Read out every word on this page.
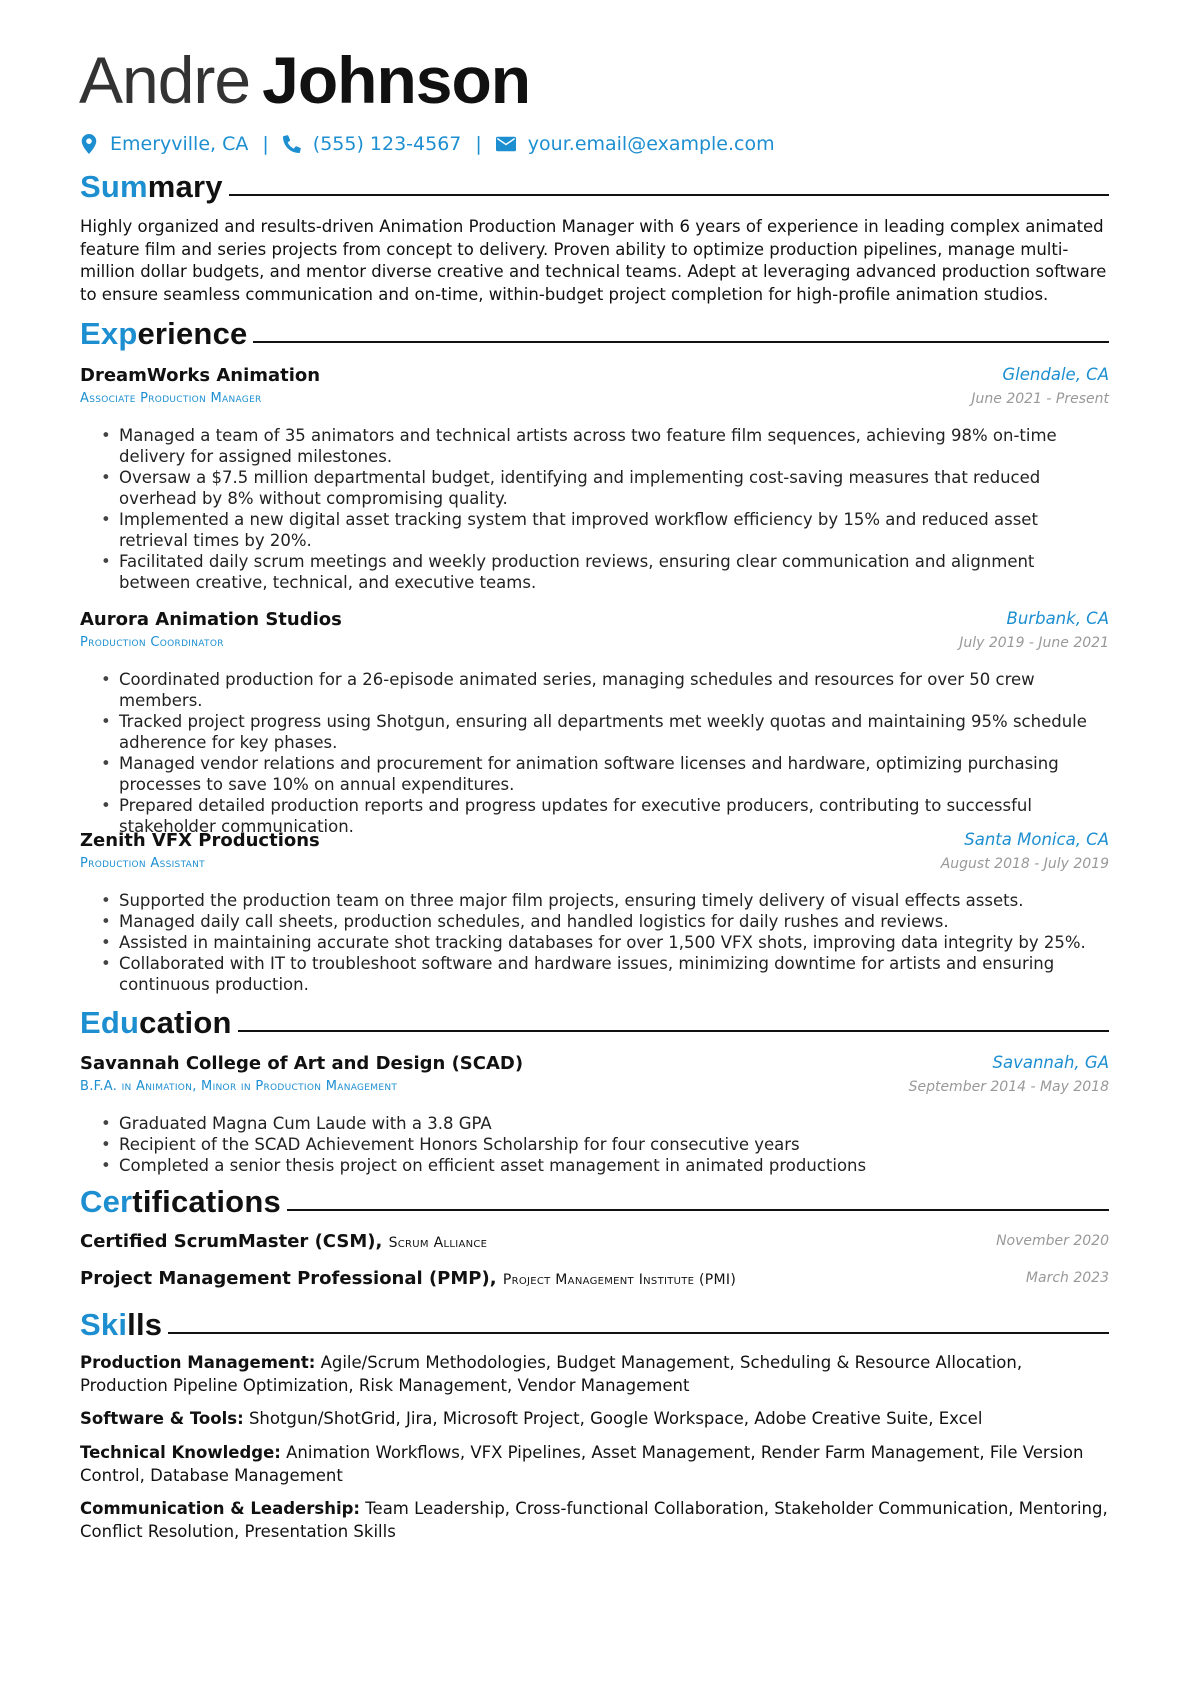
Andre Johnson
Emeryville, CA | (555) 123-4567 | your.email@example.com
Summary
Highly organized and results-driven Animation Production Manager with 6 years of experience in leading complex animated feature film and series projects from concept to delivery. Proven ability to optimize production pipelines, manage multi-million dollar budgets, and mentor diverse creative and technical teams. Adept at leveraging advanced production software to ensure seamless communication and on-time, within-budget project completion for high-profile animation studios.
Experience
DreamWorks Animation
Associate Production Manager
Glendale, CA
June 2021 - Present
• Managed a team of 35 animators and technical artists across two feature film sequences, achieving 98% on-time delivery for assigned milestones.
• Oversaw a $7.5 million departmental budget, identifying and implementing cost-saving measures that reduced overhead by 8% without compromising quality.
• Implemented a new digital asset tracking system that improved workflow efficiency by 15% and reduced asset retrieval times by 20%.
• Facilitated daily scrum meetings and weekly production reviews, ensuring clear communication and alignment between creative, technical, and executive teams.
Aurora Animation Studios
Production Coordinator
Burbank, CA
July 2019 - June 2021
• Coordinated production for a 26-episode animated series, managing schedules and resources for over 50 crew members.
• Tracked project progress using Shotgun, ensuring all departments met weekly quotas and maintaining 95% schedule adherence for key phases.
• Managed vendor relations and procurement for animation software licenses and hardware, optimizing purchasing processes to save 10% on annual expenditures.
• Prepared detailed production reports and progress updates for executive producers, contributing to successful stakeholder communication.
Zenith VFX Productions
Production Assistant
Santa Monica, CA
August 2018 - July 2019
• Supported the production team on three major film projects, ensuring timely delivery of visual effects assets.
• Managed daily call sheets, production schedules, and handled logistics for daily rushes and reviews.
• Assisted in maintaining accurate shot tracking databases for over 1,500 VFX shots, improving data integrity by 25%.
• Collaborated with IT to troubleshoot software and hardware issues, minimizing downtime for artists and ensuring continuous production.
Education
Savannah College of Art and Design (SCAD)
B.F.A. in Animation, Minor in Production Management
Savannah, GA
September 2014 - May 2018
• Graduated Magna Cum Laude with a 3.8 GPA
• Recipient of the SCAD Achievement Honors Scholarship for four consecutive years
• Completed a senior thesis project on efficient asset management in animated productions
Certifications
Certified ScrumMaster (CSM), Scrum Alliance	November 2020
Project Management Professional (PMP), Project Management Institute (PMI)	March 2023
Skills
Production Management: Agile/Scrum Methodologies, Budget Management, Scheduling & Resource Allocation, Production Pipeline Optimization, Risk Management, Vendor Management
Software & Tools: Shotgun/ShotGrid, Jira, Microsoft Project, Google Workspace, Adobe Creative Suite, Excel
Technical Knowledge: Animation Workflows, VFX Pipelines, Asset Management, Render Farm Management, File Version Control, Database Management
Communication & Leadership: Team Leadership, Cross-functional Collaboration, Stakeholder Communication, Mentoring, Conflict Resolution, Presentation Skills
